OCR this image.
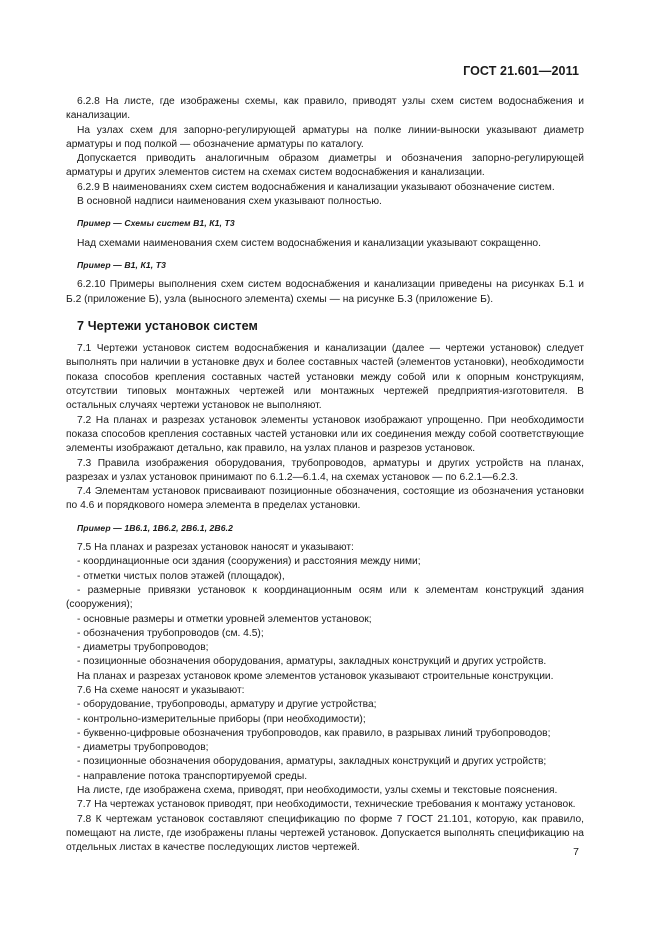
ГОСТ 21.601—2011

6.2.8 На листе, где изображены схемы, как правило, приводят узлы схем систем водоснабжения и канализации.

На узлах схем для запорно-регулирующей арматуры на полке линии-выноски указывают диаметр арматуры и под полкой — обозначение арматуры по каталогу.

Допускается приводить аналогичным образом диаметры и обозначения запорно-регулирующей арматуры и других элементов систем на схемах систем водоснабжения и канализации.

6.2.9 В наименованиях схем систем водоснабжения и канализации указывают обозначение систем.

В основной надписи наименования схем указывают полностью.

Пример — Схемы систем В1, К1, Т3

Над схемами наименования схем систем водоснабжения и канализации указывают сокращенно.

Пример — В1, К1, Т3

6.2.10 Примеры выполнения схем систем водоснабжения и канализации приведены на рисунках Б.1 и Б.2 (приложение Б), узла (выносного элемента) схемы — на рисунке Б.3 (приложение Б).

7 Чертежи установок систем

7.1 Чертежи установок систем водоснабжения и канализации (далее — чертежи установок) следует выполнять при наличии в установке двух и более составных частей (элементов установки), необходимости показа способов крепления составных частей установки между собой или к опорным конструкциям, отсутствии типовых монтажных чертежей или монтажных чертежей предприятия-изготовителя. В остальных случаях чертежи установок не выполняют.

7.2 На планах и разрезах установок элементы установок изображают упрощенно. При необходимости показа способов крепления составных частей установки или их соединения между собой соответствующие элементы изображают детально, как правило, на узлах планов и разрезов установок.

7.3 Правила изображения оборудования, трубопроводов, арматуры и других устройств на планах, разрезах и узлах установок принимают по 6.1.2—6.1.4, на схемах установок — по 6.2.1—6.2.3.

7.4 Элементам установок присваивают позиционные обозначения, состоящие из обозначения установки по 4.6 и порядкового номера элемента в пределах установки.

Пример — 1В6.1, 1В6.2, 2В6.1, 2В6.2

7.5 На планах и разрезах установок наносят и указывают:

- координационные оси здания (сооружения) и расстояния между ними;

- отметки чистых полов этажей (площадок),

- размерные привязки установок к координационным осям или к элементам конструкций здания (сооружения);

- основные размеры и отметки уровней элементов установок;

- обозначения трубопроводов (см. 4.5);

- диаметры трубопроводов;

- позиционные обозначения оборудования, арматуры, закладных конструкций и других устройств.

На планах и разрезах установок кроме элементов установок указывают строительные конструкции.

7.6 На схеме наносят и указывают:

- оборудование, трубопроводы, арматуру и другие устройства;

- контрольно-измерительные приборы (при необходимости);

- буквенно-цифровые обозначения трубопроводов, как правило, в разрывах линий трубопроводов;

- диаметры трубопроводов;

- позиционные обозначения оборудования, арматуры, закладных конструкций и других устройств;

- направление потока транспортируемой среды.

На листе, где изображена схема, приводят, при необходимости, узлы схемы и текстовые пояснения.

7.7 На чертежах установок приводят, при необходимости, технические требования к монтажу установок.

7.8 К чертежам установок составляют спецификацию по форме 7 ГОСТ 21.101, которую, как правило, помещают на листе, где изображены планы чертежей установок. Допускается выполнять спецификацию на отдельных листах в качестве последующих листов чертежей.	7
